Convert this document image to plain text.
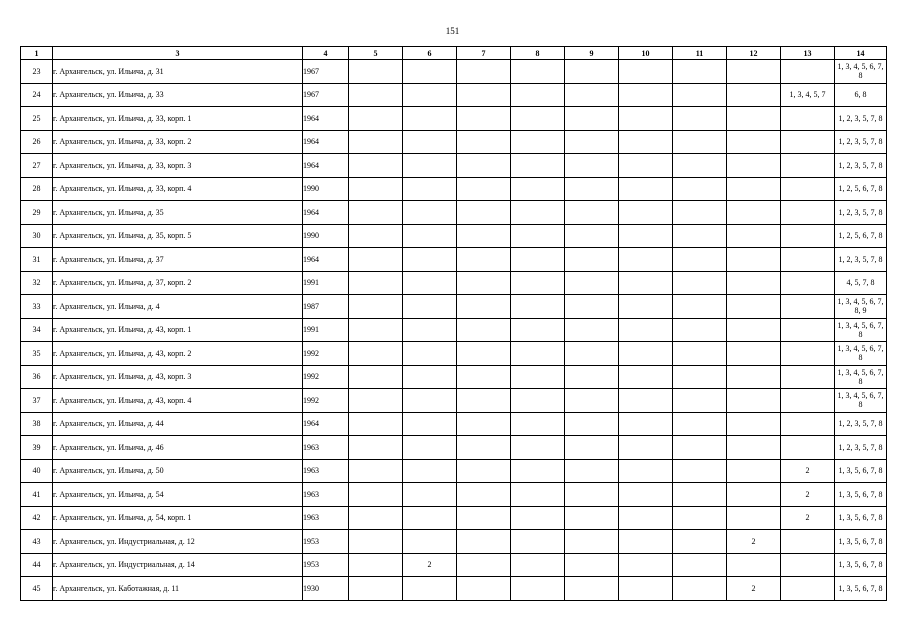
151
1	3	4	5	6	7	8	9	10	11	12	13	14
23	г. Архангельск, ул. Ильича, д. 31	1967										1, 3, 4, 5, 6, 7, 8
24	г. Архангельск, ул. Ильича, д. 33	1967									1, 3, 4, 5, 7	6, 8
25	г. Архангельск, ул. Ильича, д. 33, корп. 1	1964										1, 2, 3, 5, 7, 8
26	г. Архангельск, ул. Ильича, д. 33, корп. 2	1964										1, 2, 3, 5, 7, 8
27	г. Архангельск, ул. Ильича, д. 33, корп. 3	1964										1, 2, 3, 5, 7, 8
28	г. Архангельск, ул. Ильича, д. 33, корп. 4	1990										1, 2, 5, 6, 7, 8
29	г. Архангельск, ул. Ильича, д. 35	1964										1, 2, 3, 5, 7, 8
30	г. Архангельск, ул. Ильича, д. 35, корп. 5	1990										1, 2, 5, 6, 7, 8
31	г. Архангельск, ул. Ильича, д. 37	1964										1, 2, 3, 5, 7, 8
32	г. Архангельск, ул. Ильича, д. 37, корп. 2	1991										4, 5, 7, 8
33	г. Архангельск, ул. Ильича, д. 4	1987										1, 3, 4, 5, 6, 7, 8, 9
34	г. Архангельск, ул. Ильича, д. 43, корп. 1	1991										1, 3, 4, 5, 6, 7, 8
35	г. Архангельск, ул. Ильича, д. 43, корп. 2	1992										1, 3, 4, 5, 6, 7, 8
36	г. Архангельск, ул. Ильича, д. 43, корп. 3	1992										1, 3, 4, 5, 6, 7, 8
37	г. Архангельск, ул. Ильича, д. 43, корп. 4	1992										1, 3, 4, 5, 6, 7, 8
38	г. Архангельск, ул. Ильича, д. 44	1964										1, 2, 3, 5, 7, 8
39	г. Архангельск, ул. Ильича, д. 46	1963										1, 2, 3, 5, 7, 8
40	г. Архангельск, ул. Ильича, д. 50	1963									2	1, 3, 5, 6, 7, 8
41	г. Архангельск, ул. Ильича, д. 54	1963									2	1, 3, 5, 6, 7, 8
42	г. Архангельск, ул. Ильича, д. 54, корп. 1	1963									2	1, 3, 5, 6, 7, 8
43	г. Архангельск, ул. Индустриальная, д. 12	1953								2		1, 3, 5, 6, 7, 8
44	г. Архангельск, ул. Индустриальная, д. 14	1953		2								1, 3, 5, 6, 7, 8
45	г. Архангельск, ул. Каботажная, д. 11	1930								2		1, 3, 5, 6, 7, 8
